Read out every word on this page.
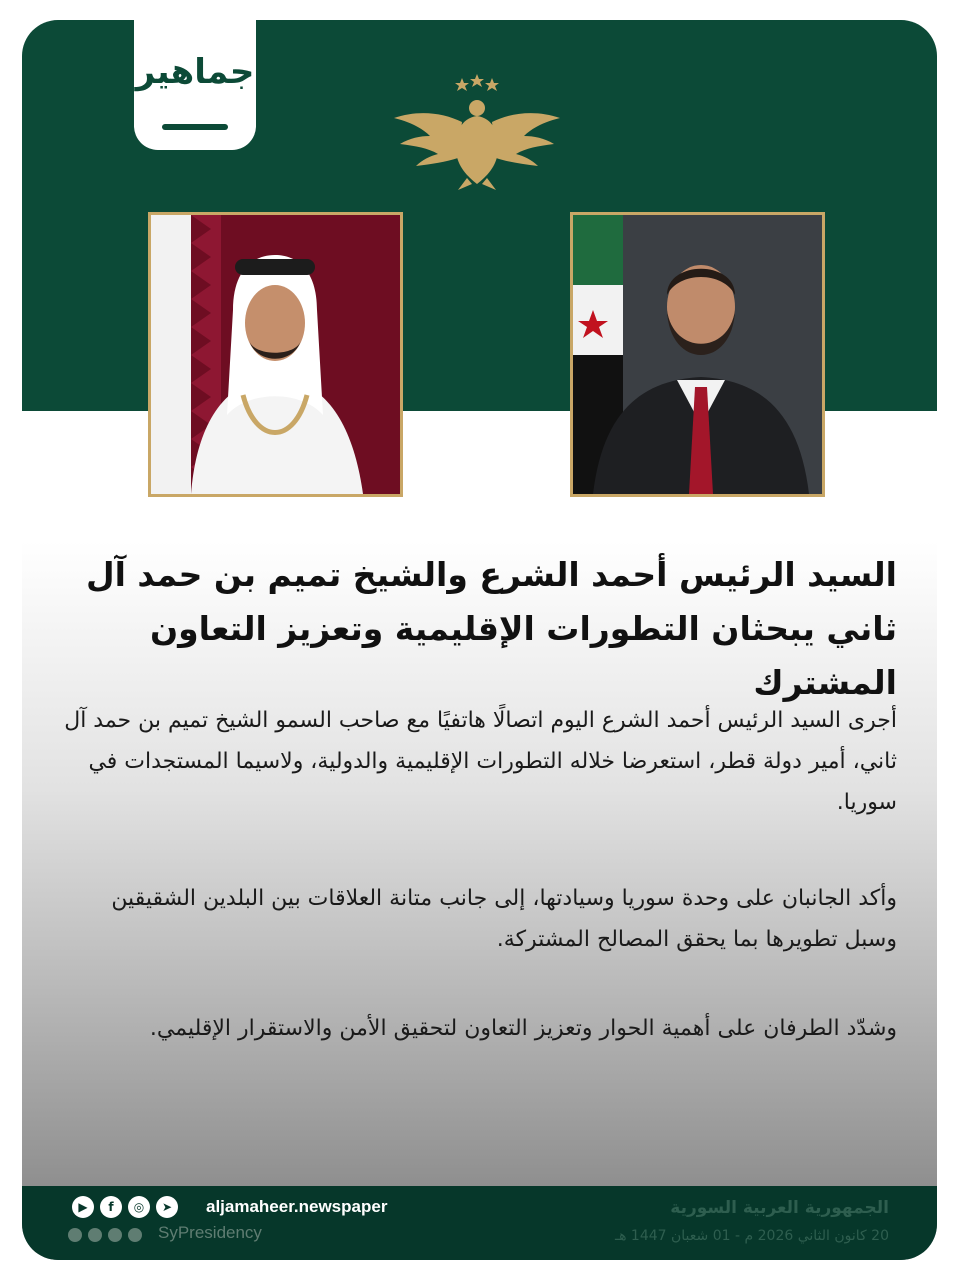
جماهير
السيد الرئيس أحمد الشرع والشيخ تميم بن حمد آل ثاني يبحثان التطورات الإقليمية وتعزيز التعاون المشترك

أجرى السيد الرئيس أحمد الشرع اليوم اتصالًا هاتفيًا مع صاحب السمو الشيخ تميم بن حمد آل ثاني، أمير دولة قطر، استعرضا خلاله التطورات الإقليمية والدولية، ولاسيما المستجدات في سوريا.

وأكد الجانبان على وحدة سوريا وسيادتها، إلى جانب متانة العلاقات بين البلدين الشقيقين وسبل تطويرها بما يحقق المصالح المشتركة.

وشدّد الطرفان على أهمية الحوار وتعزيز التعاون لتحقيق الأمن والاستقرار الإقليمي.

▶	f	◎	➤	aljamaheer.newspaper
SyPresidency
الجمهورية العربية السورية
20 كانون الثاني 2026 م - 01 شعبان 1447 هـ
